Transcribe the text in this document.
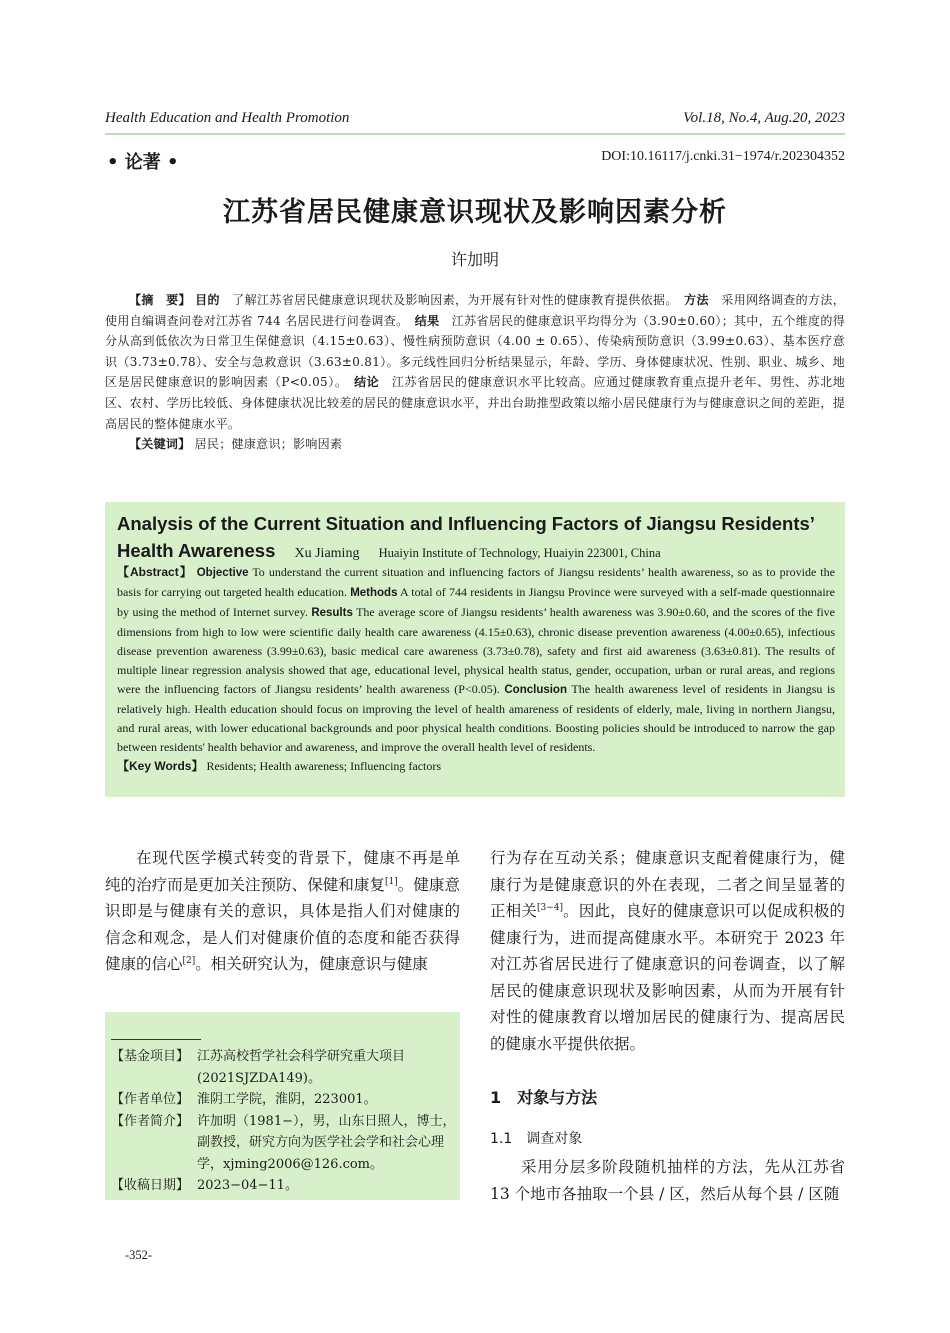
Health Education and Health Promotion	Vol.18, No.4, Aug.20, 2023
• 论著 •	DOI:10.16117/j.cnki.31−1974/r.202304352
江苏省居民健康意识现状及影响因素分析
许加明

【摘　要】 目的　 了解江苏省居民健康意识现状及影响因素，为开展有针对性的健康教育提供依据。　 方法　 采用网络调查的方法，使用自编调查问卷对江苏省 744 名居民进行问卷调查。　 结果　 江苏省居民的健康意识平均得分为（3.90±0.60）；其中，五个维度的得分从高到低依次为日常卫生保健意识（4.15±0.63）、慢性病预防意识（4.00 ± 0.65）、传染病预防意识（3.99±0.63）、基本医疗意识（3.73±0.78）、安全与急救意识（3.63±0.81）。多元线性回归分析结果显示，年龄、学历、身体健康状况、性别、职业、城乡、地区是居民健康意识的影响因素（P<0.05）。　 结论　 江苏省居民的健康意识水平比较高。应通过健康教育重点提升老年、男性、苏北地区、农村、学历比较低、身体健康状况比较差的居民的健康意识水平，并出台助推型政策以缩小居民健康行为与健康意识之间的差距，提高居民的整体健康水平。

【关键词】 居民；健康意识；影响因素

Analysis of the Current Situation and Influencing Factors of Jiangsu Residents’ Health Awareness Xu Jiaming Huaiyin Institute of Technology, Huaiyin 223001, China
【Abstract】 Objective To understand the current situation and influencing factors of Jiangsu residents’ health awareness, so as to provide the basis for carrying out targeted health education. Methods A total of 744 residents in Jiangsu Province were surveyed with a self-made questionnaire by using the method of Internet survey. Results The average score of Jiangsu residents’ health awareness was 3.90±0.60, and the scores of the five dimensions from high to low were scientific daily health care awareness (4.15±0.63), chronic disease prevention awareness (4.00±0.65), infectious disease prevention awareness (3.99±0.63), basic medical care awareness (3.73±0.78), safety and first aid awareness (3.63±0.81). The results of multiple linear regression analysis showed that age, educational level, physical health status, gender, occupation, urban or rural areas, and regions were the influencing factors of Jiangsu residents’ health awareness (P<0.05). Conclusion The health awareness level of residents in Jiangsu is relatively high. Health education should focus on improving the level of health amareness of residents of elderly, male, living in northern Jiangsu, and rural areas, with lower educational backgrounds and poor physical health conditions. Boosting policies should be introduced to narrow the gap between residents' health behavior and awareness, and improve the overall health level of residents.
【Key Words】 Residents; Health awareness; Influencing factors

在现代医学模式转变的背景下，健康不再是单纯的治疗而是更加关注预防、保健和康复[1]。健康意识即是与健康有关的意识，具体是指人们对健康的信念和观念，是人们对健康价值的态度和能否获得健康的信心[2]。相关研究认为，健康意识与健康

【基金项目】 江苏高校哲学社会科学研究重大项目(2021SJZDA149)。
【作者单位】 淮阴工学院，淮阴，223001。
【作者简介】 许加明（1981−），男，山东日照人，博士，副教授，研究方向为医学社会学和社会心理学，xjming2006@126.com。
【收稿日期】 2023−04−11。

行为存在互动关系；健康意识支配着健康行为，健康行为是健康意识的外在表现，二者之间呈显著的正相关[3−4]。因此，良好的健康意识可以促成积极的健康行为，进而提高健康水平。本研究于 2023 年对江苏省居民进行了健康意识的问卷调查，以了解居民的健康意识现状及影响因素，从而为开展有针对性的健康教育以增加居民的健康行为、提高居民的健康水平提供依据。

1　对象与方法
1.1　调查对象

采用分层多阶段随机抽样的方法，先从江苏省 13 个地市各抽取一个县 / 区，然后从每个县 / 区随

-352-
